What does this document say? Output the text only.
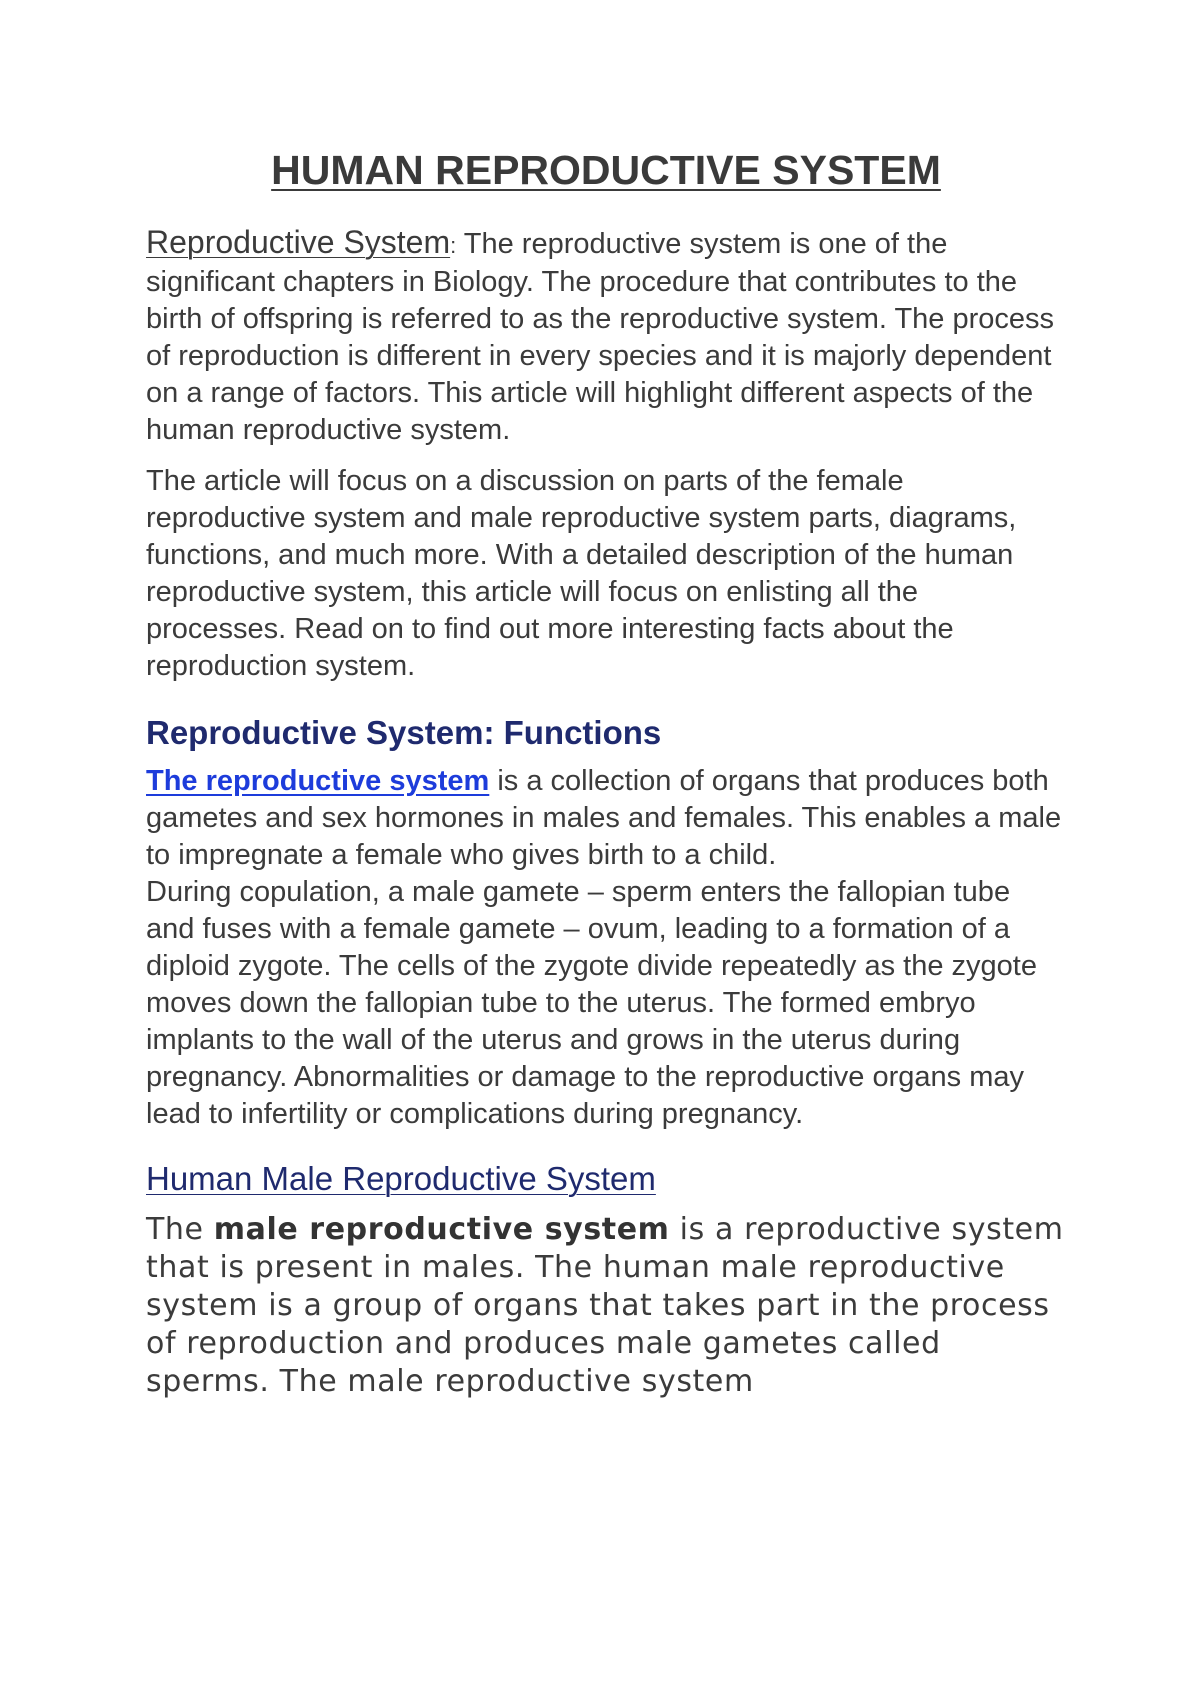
HUMAN REPRODUCTIVE SYSTEM

Reproductive System: The reproductive system is one of the significant chapters in Biology. The procedure that contributes to the birth of offspring is referred to as the reproductive system. The process of reproduction is different in every species and it is majorly dependent on a range of factors. This article will highlight different aspects of the human reproductive system.

The article will focus on a discussion on parts of the female reproductive system and male reproductive system parts, diagrams, functions, and much more. With a detailed description of the human reproductive system, this article will focus on enlisting all the processes. Read on to find out more interesting facts about the reproduction system.

Reproductive System: Functions

The reproductive system is a collection of organs that produces both gametes and sex hormones in males and females. This enables a male to impregnate a female who gives birth to a child.

During copulation, a male gamete – sperm enters the fallopian tube and fuses with a female gamete – ovum, leading to a formation of a diploid zygote. The cells of the zygote divide repeatedly as the zygote moves down the fallopian tube to the uterus. The formed embryo implants to the wall of the uterus and grows in the uterus during pregnancy. Abnormalities or damage to the reproductive organs may lead to infertility or complications during pregnancy.

Human Male Reproductive System

The male reproductive system is a reproductive system that is present in males. The human male reproductive system is a group of organs that takes part in the process of reproduction and produces male gametes called sperms. The male reproductive system
